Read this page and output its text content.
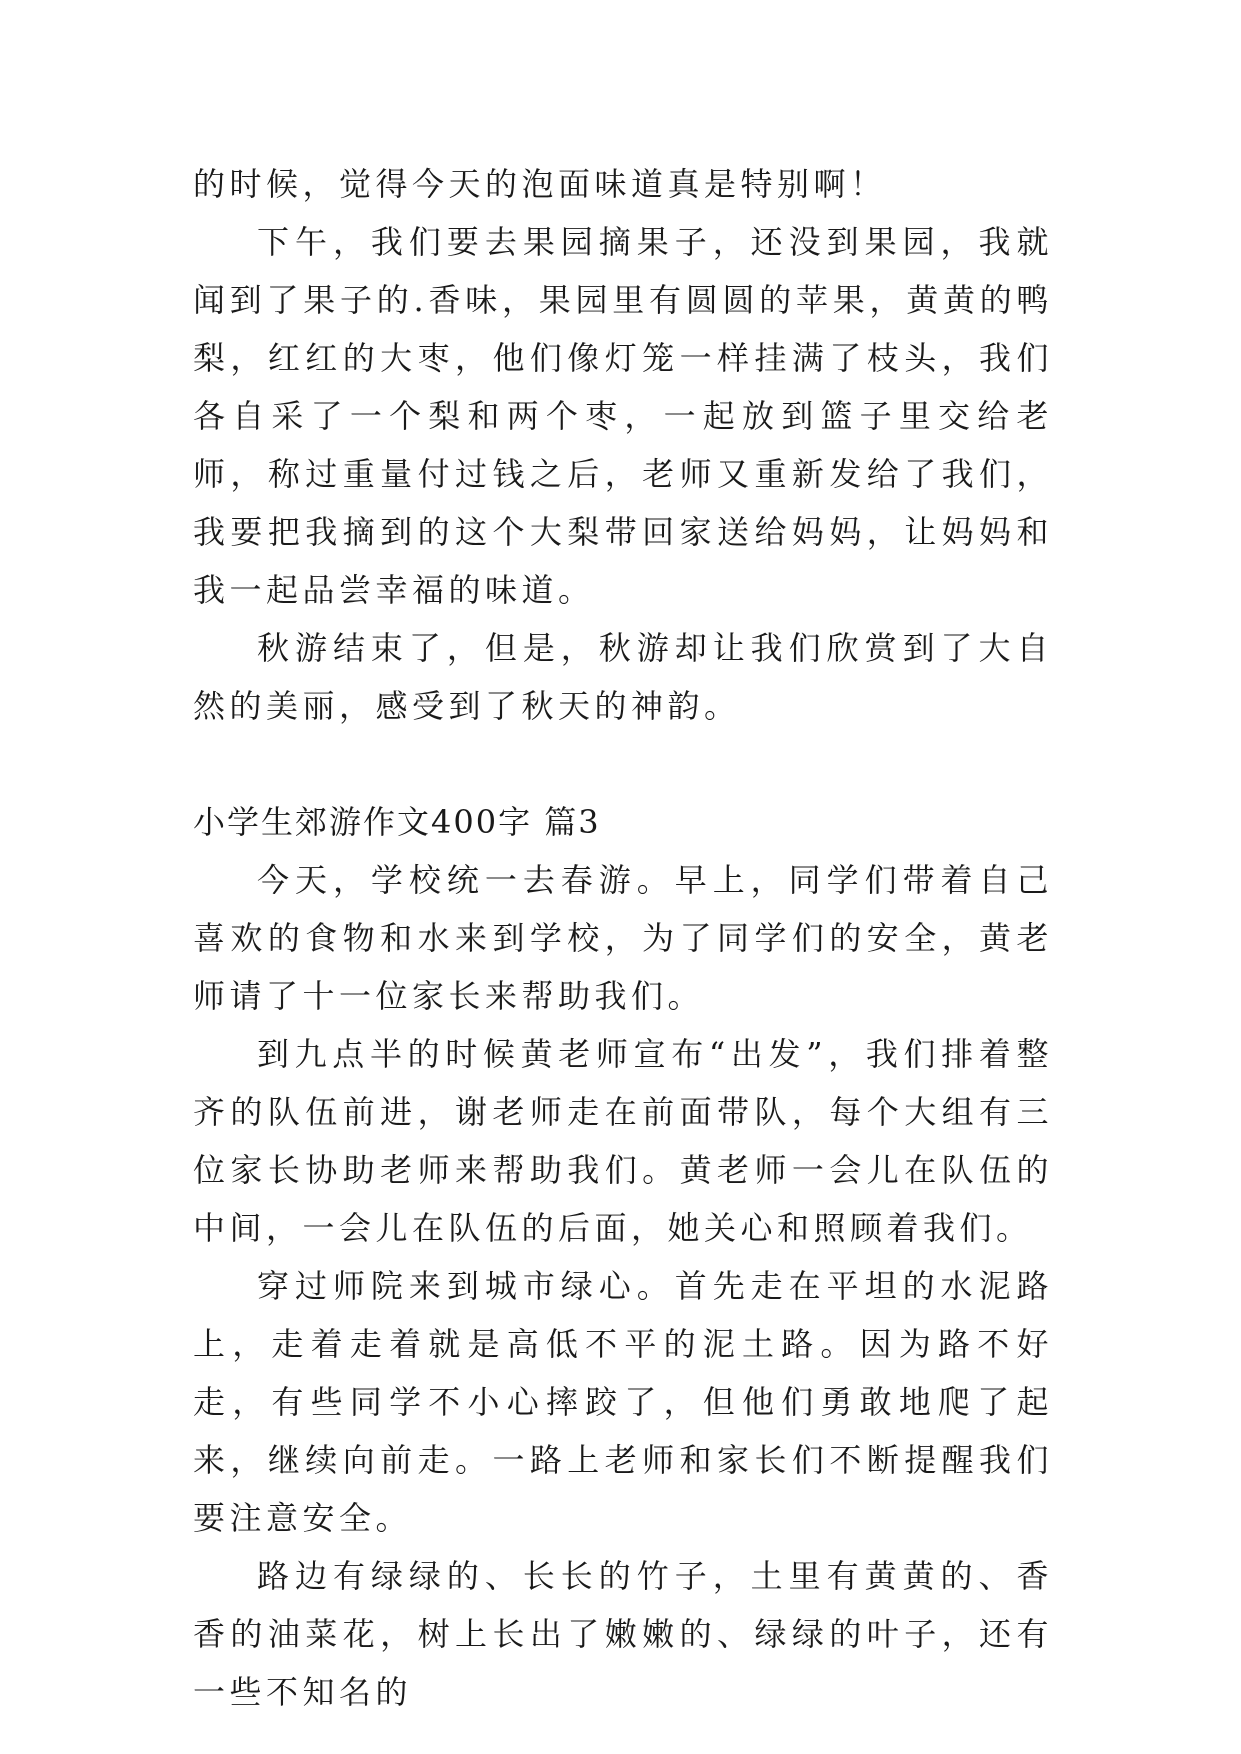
的时候，觉得今天的泡面味道真是特别啊！

下午，我们要去果园摘果子，还没到果园，我就闻到了果子的.香味，果园里有圆圆的苹果，黄黄的鸭梨，红红的大枣，他们像灯笼一样挂满了枝头，我们各自采了一个梨和两个枣，一起放到篮子里交给老师，称过重量付过钱之后，老师又重新发给了我们，我要把我摘到的这个大梨带回家送给妈妈，让妈妈和我一起品尝幸福的味道。

秋游结束了，但是，秋游却让我们欣赏到了大自然的美丽，感受到了秋天的神韵。

小学生郊游作文400字 篇3

今天，学校统一去春游。早上，同学们带着自己喜欢的食物和水来到学校，为了同学们的安全，黄老师请了十一位家长来帮助我们。

到九点半的时候黄老师宣布“出发”，我们排着整齐的队伍前进，谢老师走在前面带队，每个大组有三位家长协助老师来帮助我们。黄老师一会儿在队伍的中间，一会儿在队伍的后面，她关心和照顾着我们。

穿过师院来到城市绿心。首先走在平坦的水泥路上，走着走着就是高低不平的泥土路。因为路不好走，有些同学不小心摔跤了，但他们勇敢地爬了起来，继续向前走。一路上老师和家长们不断提醒我们要注意安全。

路边有绿绿的、长长的竹子，土里有黄黄的、香香的油菜花，树上长出了嫩嫩的、绿绿的叶子，还有一些不知名的
